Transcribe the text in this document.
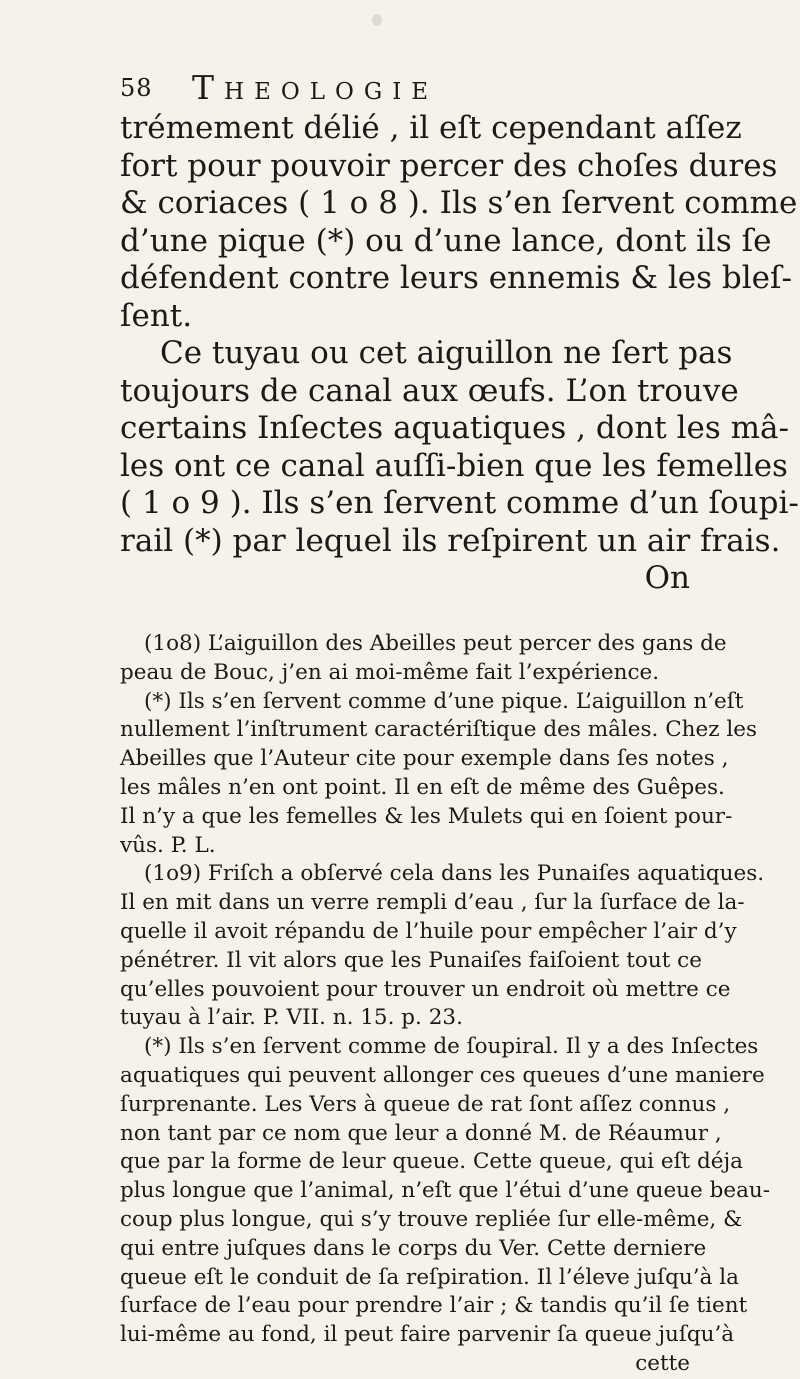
58 Theologie

trémement délié , il eſt cependant aſſez
fort pour pouvoir percer des choſes dures
& coriaces ( 1 o 8 ). Ils s’en ſervent comme
d’une pique (*) ou d’une lance, dont ils ſe
défendent contre leurs ennemis & les bleſ-
ſent.

Ce tuyau ou cet aiguillon ne ſert pas
toujours de canal aux œufs. L’on trouve
certains Inſectes aquatiques , dont les mâ-
les ont ce canal auſſi-bien que les femelles
( 1 o 9 ). Ils s’en ſervent comme d’un ſoupi-
rail (*) par lequel ils reſpirent un air frais.

On

(1o8) L’aiguillon des Abeilles peut percer des gans de
peau de Bouc, j’en ai moi-même fait l’expérience.

(*) Ils s’en ſervent comme d’une pique. L’aiguillon n’eſt
nullement l’inſtrument caractériſtique des mâles. Chez les
Abeilles que l’Auteur cite pour exemple dans ſes notes ,
les mâles n’en ont point. Il en eſt de même des Guêpes.
Il n’y a que les femelles & les Mulets qui en ſoient pour-
vûs. P. L.

(1o9) Friſch a obſervé cela dans les Punaiſes aquatiques.
Il en mit dans un verre rempli d’eau , ſur la ſurface de la-
quelle il avoit répandu de l’huile pour empêcher l’air d’y
pénétrer. Il vit alors que les Punaiſes faiſoient tout ce
qu’elles pouvoient pour trouver un endroit où mettre ce
tuyau à l’air. P. VII. n. 15. p. 23.

(*) Ils s’en ſervent comme de ſoupiral. Il y a des Inſectes
aquatiques qui peuvent allonger ces queues d’une maniere
ſurprenante. Les Vers à queue de rat ſont aſſez connus ,
non tant par ce nom que leur a donné M. de Réaumur ,
que par la forme de leur queue. Cette queue, qui eſt déja
plus longue que l’animal, n’eſt que l’étui d’une queue beau-
coup plus longue, qui s’y trouve repliée ſur elle-même, &
qui entre juſques dans le corps du Ver. Cette derniere
queue eſt le conduit de ſa reſpiration. Il l’éleve juſqu’à la
ſurface de l’eau pour prendre l’air ; & tandis qu’il ſe tient
lui-même au fond, il peut faire parvenir ſa queue juſqu’à

cette
